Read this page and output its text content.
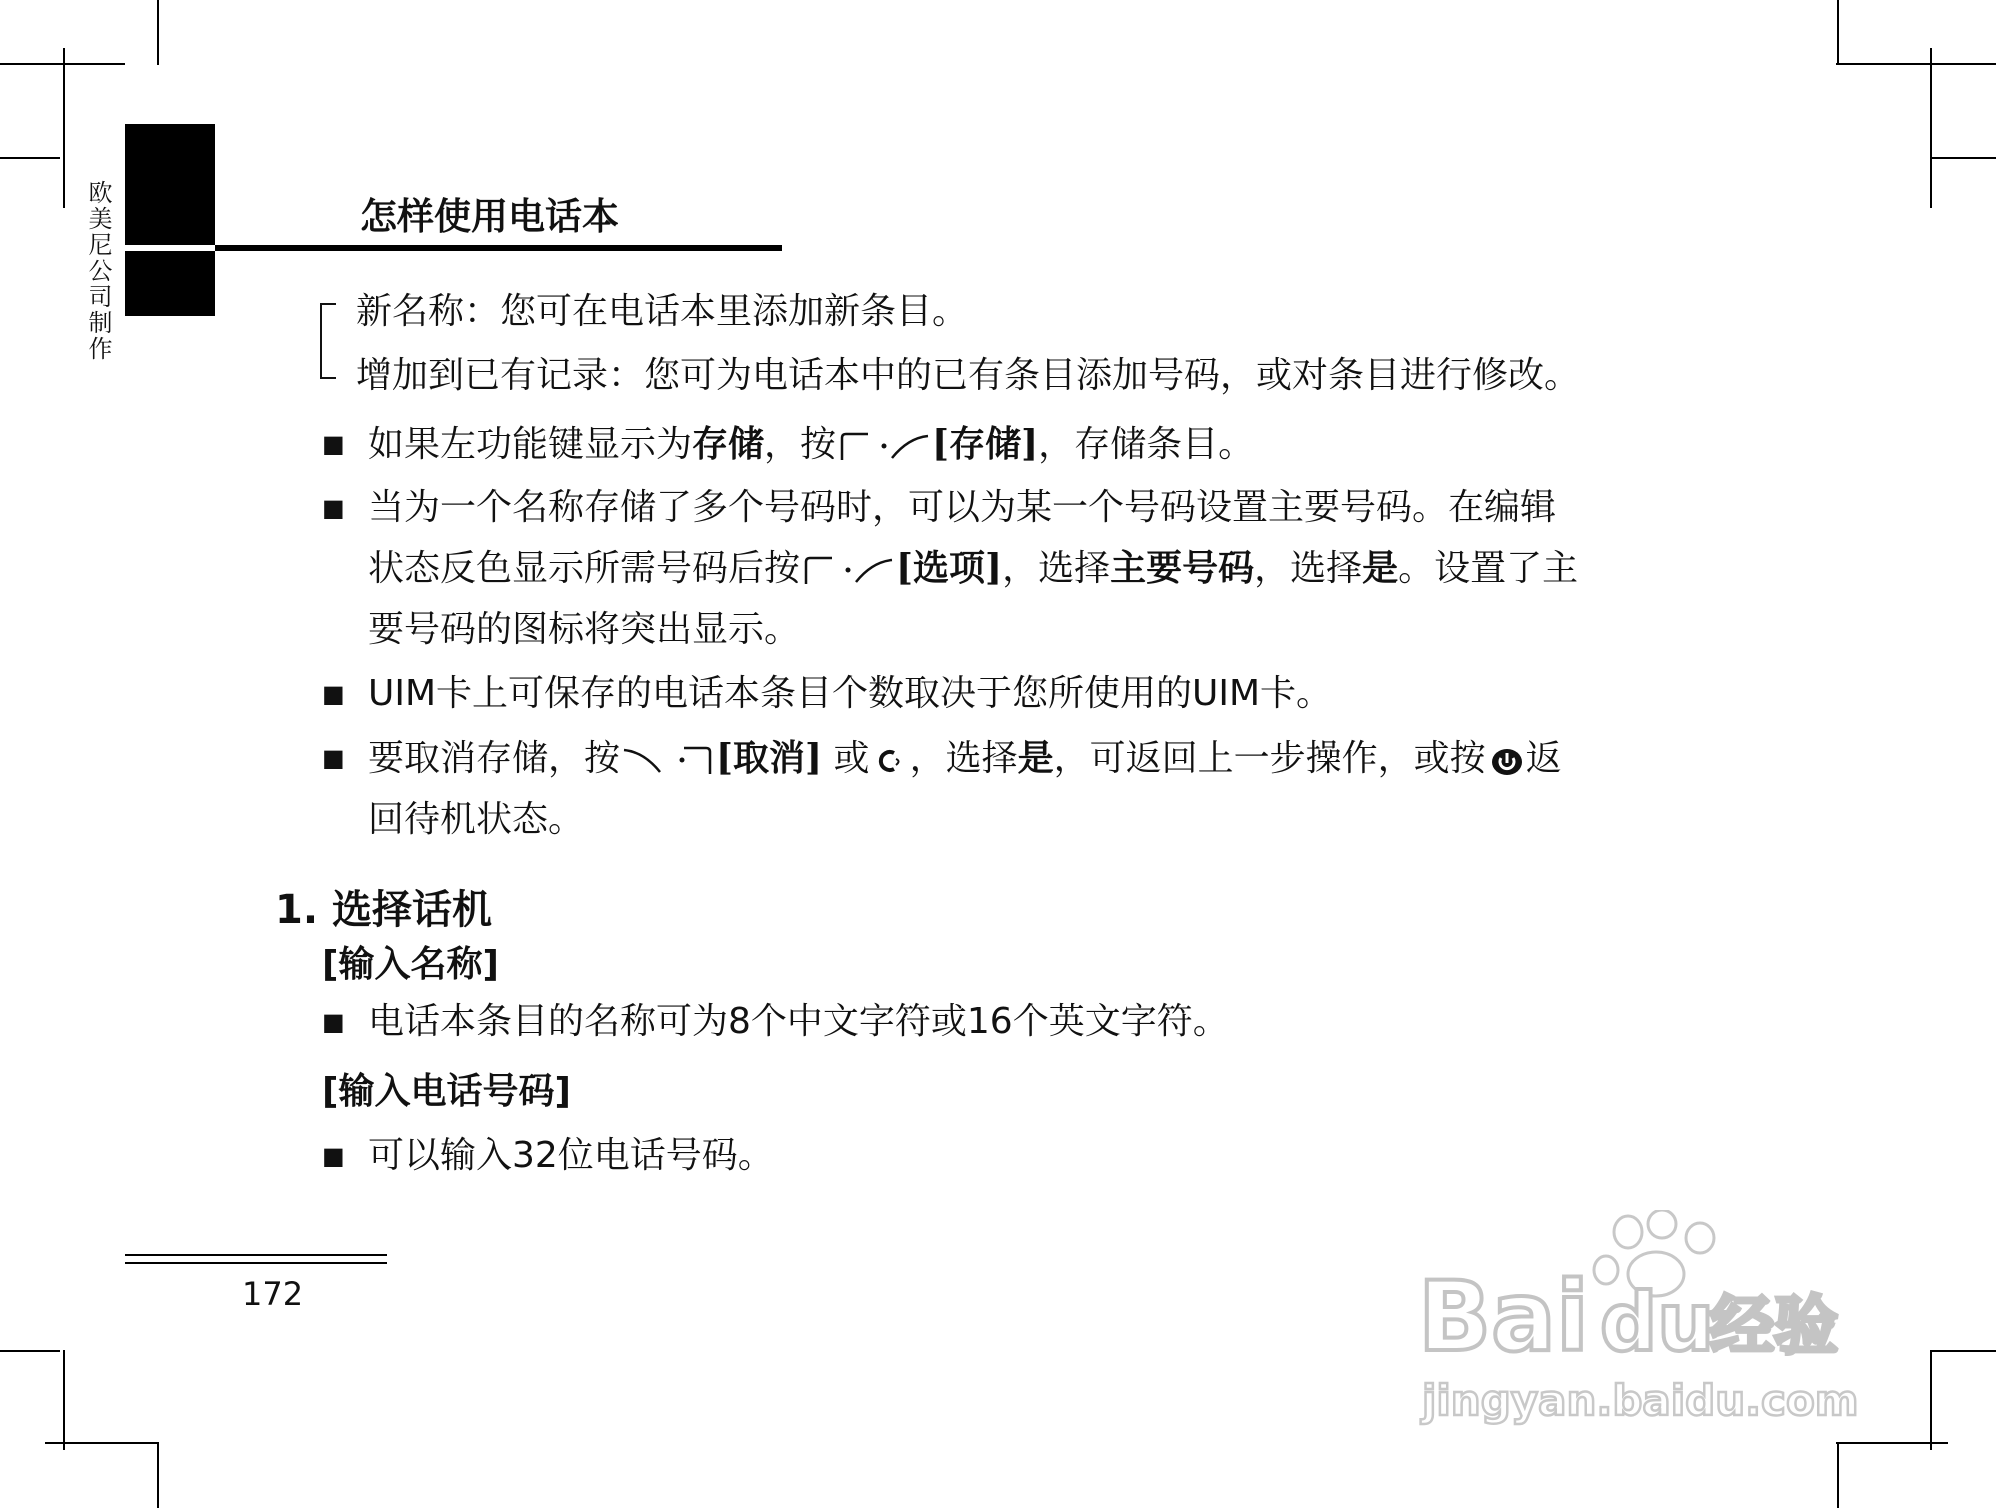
欧美尼公司制作	怎样使用电话本
新名称：您可在电话本里添加新条目。
增加到已有记录：您可为电话本中的已有条目添加号码，或对条目进行修改。
■ 如果左功能键显示为存储，按	[存储]，存储条目。
■ 当为一个名称存储了多个号码时，可以为某一个号码设置主要号码。在编辑
状态反色显示所需号码后按	[选项]，选择主要号码，选择是。设置了主
要号码的图标将突出显示。
■ UIM卡上可保存的电话本条目个数取决于您所使用的UIM卡。
■ 要取消存储，按	[取消] 或 ，选择是，可返回上一步操作，或按 返
回待机状态。
1. 选择话机
[输入名称]
■ 电话本条目的名称可为8个中文字符或16个英文字符。
[输入电话号码]
■ 可以输入32位电话号码。
172	Bai du
经验
jingyan.baidu.com
